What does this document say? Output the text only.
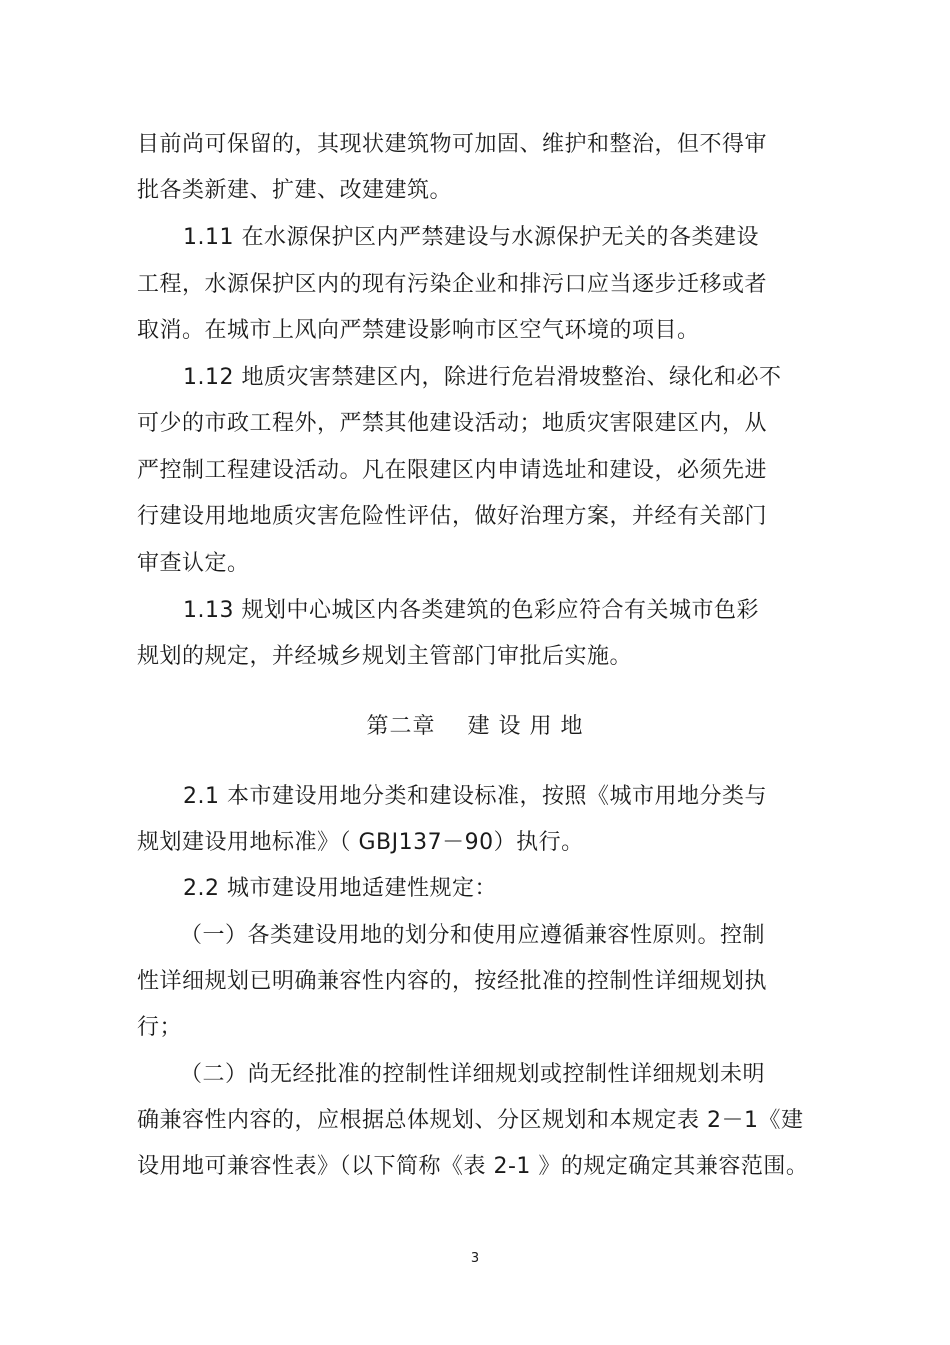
目前尚可保留的，其现状建筑物可加固、维护和整治，但不得审
批各类新建、扩建、改建建筑。
1.11 在水源保护区内严禁建设与水源保护无关的各类建设
工程，水源保护区内的现有污染企业和排污口应当逐步迁移或者
取消。在城市上风向严禁建设影响市区空气环境的项目。
1.12 地质灾害禁建区内，除进行危岩滑坡整治、绿化和必不
可少的市政工程外，严禁其他建设活动；地质灾害限建区内，从
严控制工程建设活动。凡在限建区内申请选址和建设，必须先进
行建设用地地质灾害危险性评估，做好治理方案，并经有关部门
审查认定。
1.13 规划中心城区内各类建筑的色彩应符合有关城市色彩
规划的规定，并经城乡规划主管部门审批后实施。
第二章    建 设 用 地
2.1 本市建设用地分类和建设标准，按照《城市用地分类与
规划建设用地标准》（ GBJ137－90）执行。
2.2 城市建设用地适建性规定：
（一）各类建设用地的划分和使用应遵循兼容性原则。控制
性详细规划已明确兼容性内容的，按经批准的控制性详细规划执
行；
（二）尚无经批准的控制性详细规划或控制性详细规划未明
确兼容性内容的，应根据总体规划、分区规划和本规定表 2－1《建
设用地可兼容性表》（以下简称《表 2-1 》的规定确定其兼容范围。
3
